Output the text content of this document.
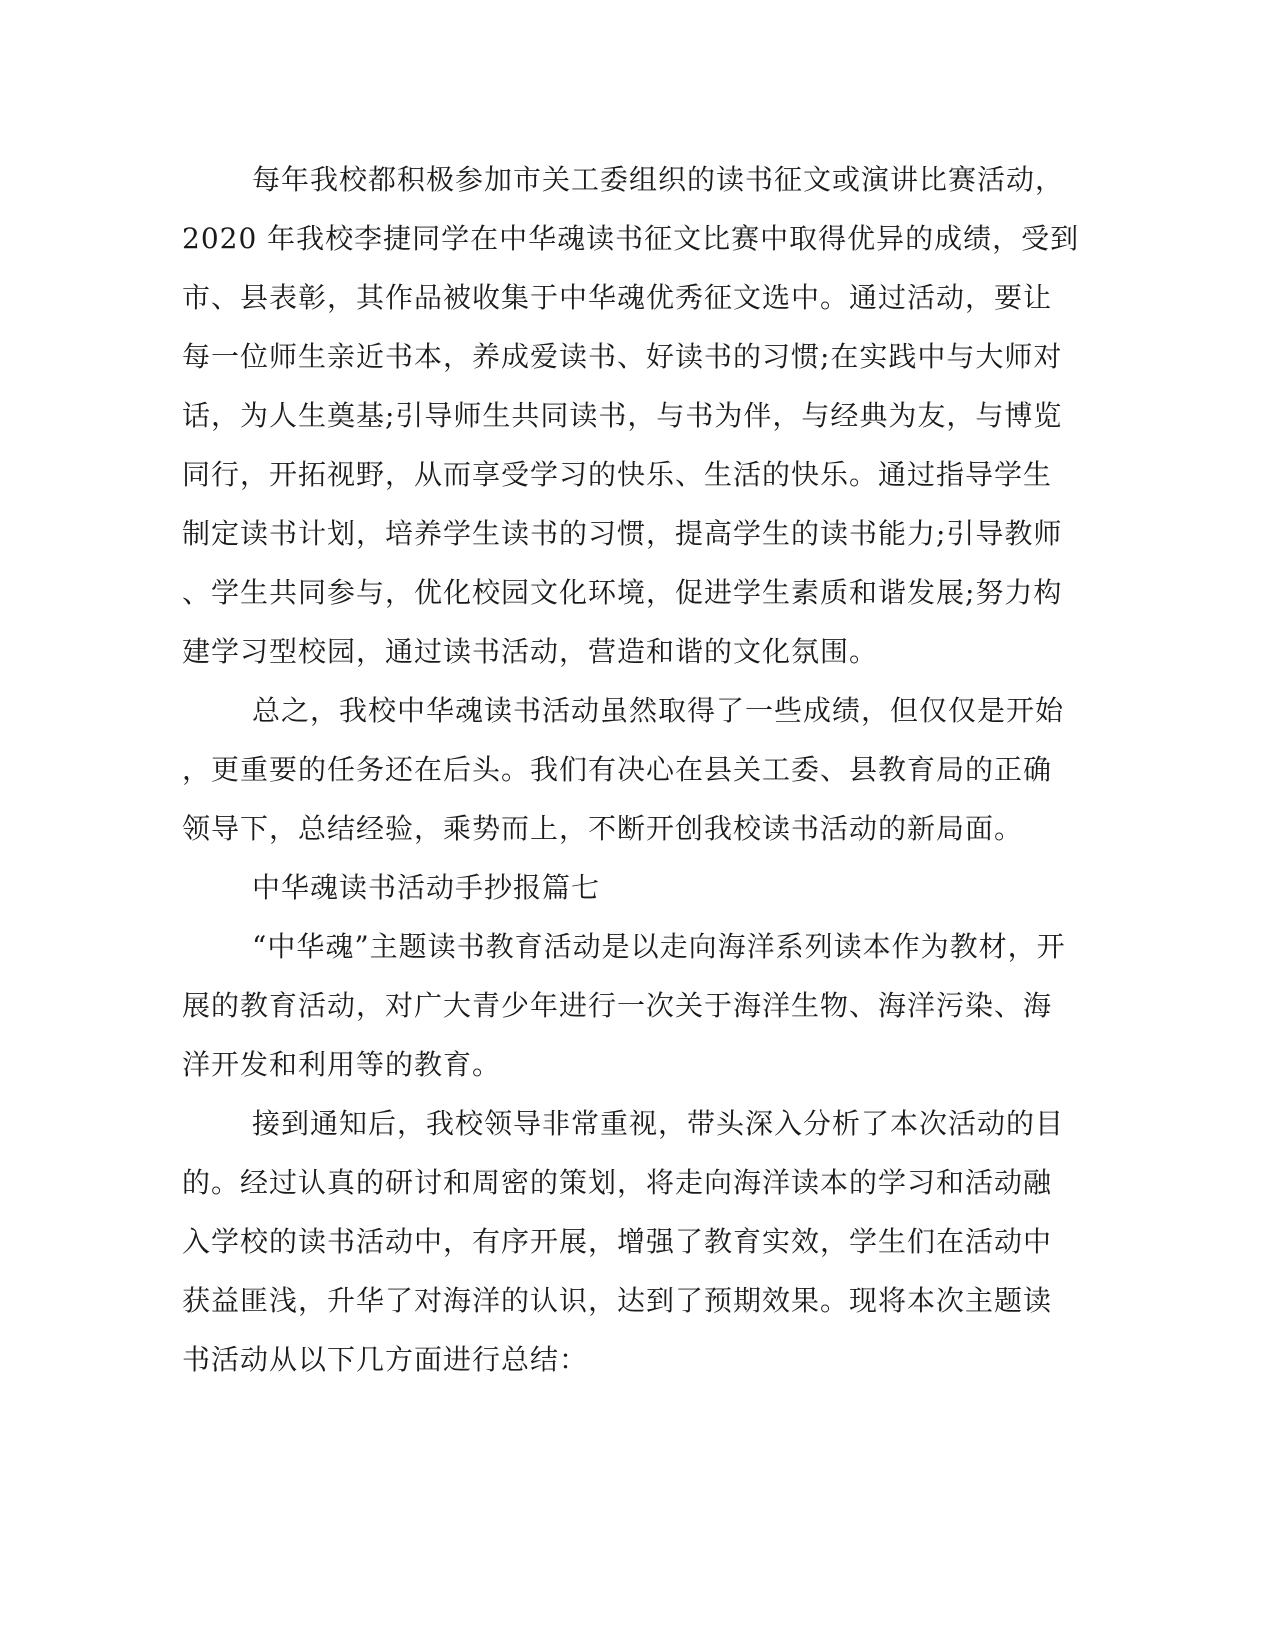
每年我校都积极参加市关工委组织的读书征文或演讲比赛活动，
2020 年我校李捷同学在中华魂读书征文比赛中取得优异的成绩，受到
市、县表彰，其作品被收集于中华魂优秀征文选中。通过活动，要让
每一位师生亲近书本，养成爱读书、好读书的习惯;在实践中与大师对
话，为人生奠基;引导师生共同读书，与书为伴，与经典为友，与博览
同行，开拓视野，从而享受学习的快乐、生活的快乐。通过指导学生
制定读书计划，培养学生读书的习惯，提高学生的读书能力;引导教师
、学生共同参与，优化校园文化环境，促进学生素质和谐发展;努力构
建学习型校园，通过读书活动，营造和谐的文化氛围。
总之，我校中华魂读书活动虽然取得了一些成绩，但仅仅是开始
，更重要的任务还在后头。我们有决心在县关工委、县教育局的正确
领导下，总结经验，乘势而上，不断开创我校读书活动的新局面。
中华魂读书活动手抄报篇七
“中华魂”主题读书教育活动是以走向海洋系列读本作为教材，开
展的教育活动，对广大青少年进行一次关于海洋生物、海洋污染、海
洋开发和利用等的教育。
接到通知后，我校领导非常重视，带头深入分析了本次活动的目
的。经过认真的研讨和周密的策划，将走向海洋读本的学习和活动融
入学校的读书活动中，有序开展，增强了教育实效，学生们在活动中
获益匪浅，升华了对海洋的认识，达到了预期效果。现将本次主题读
书活动从以下几方面进行总结：
